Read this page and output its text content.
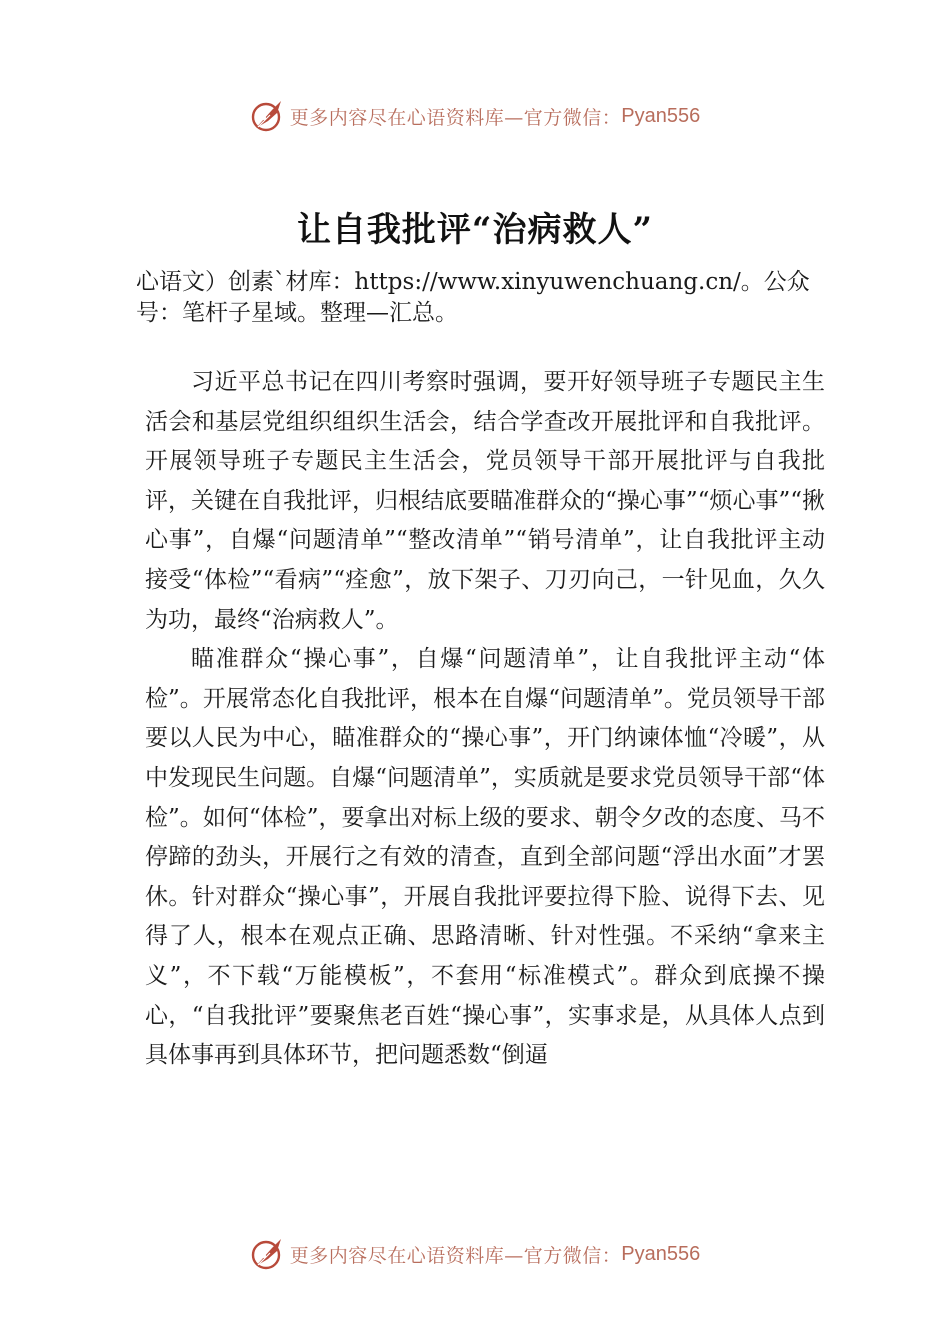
更多内容尽在心语资料库—官方微信： Pyan556
让自我批评“治病救人”
心语文）创素`材库：https://www.xinyuwenchuang.cn/。公众号：笔杆子星域。整理—汇总。

习近平总书记在四川考察时强调，要开好领导班子专题民主生活会和基层党组织组织生活会，结合学查改开展批评和自我批评。开展领导班子专题民主生活会，党员领导干部开展批评与自我批评，关键在自我批评，归根结底要瞄准群众的“操心事”“烦心事”“揪心事”，自爆“问题清单”“整改清单”“销号清单”，让自我批评主动接受“体检”“看病”“痊愈”，放下架子、刀刃向己，一针见血，久久为功，最终“治病救人”。

瞄准群众“操心事”，自爆“问题清单”，让自我批评主动“体检”。开展常态化自我批评，根本在自爆“问题清单”。党员领导干部要以人民为中心，瞄准群众的“操心事”，开门纳谏体恤“冷暖”，从中发现民生问题。自爆“问题清单”，实质就是要求党员领导干部“体检”。如何“体检”，要拿出对标上级的要求、朝令夕改的态度、马不停蹄的劲头，开展行之有效的清查，直到全部问题“浮出水面”才罢休。针对群众“操心事”，开展自我批评要拉得下脸、说得下去、见得了人，根本在观点正确、思路清晰、针对性强。不采纳“拿来主义”，不下载“万能模板”，不套用“标准模式”。群众到底操不操心，“自我批评”要聚焦老百姓“操心事”，实事求是，从具体人点到具体事再到具体环节，把问题悉数“倒逼

更多内容尽在心语资料库—官方微信： Pyan556
